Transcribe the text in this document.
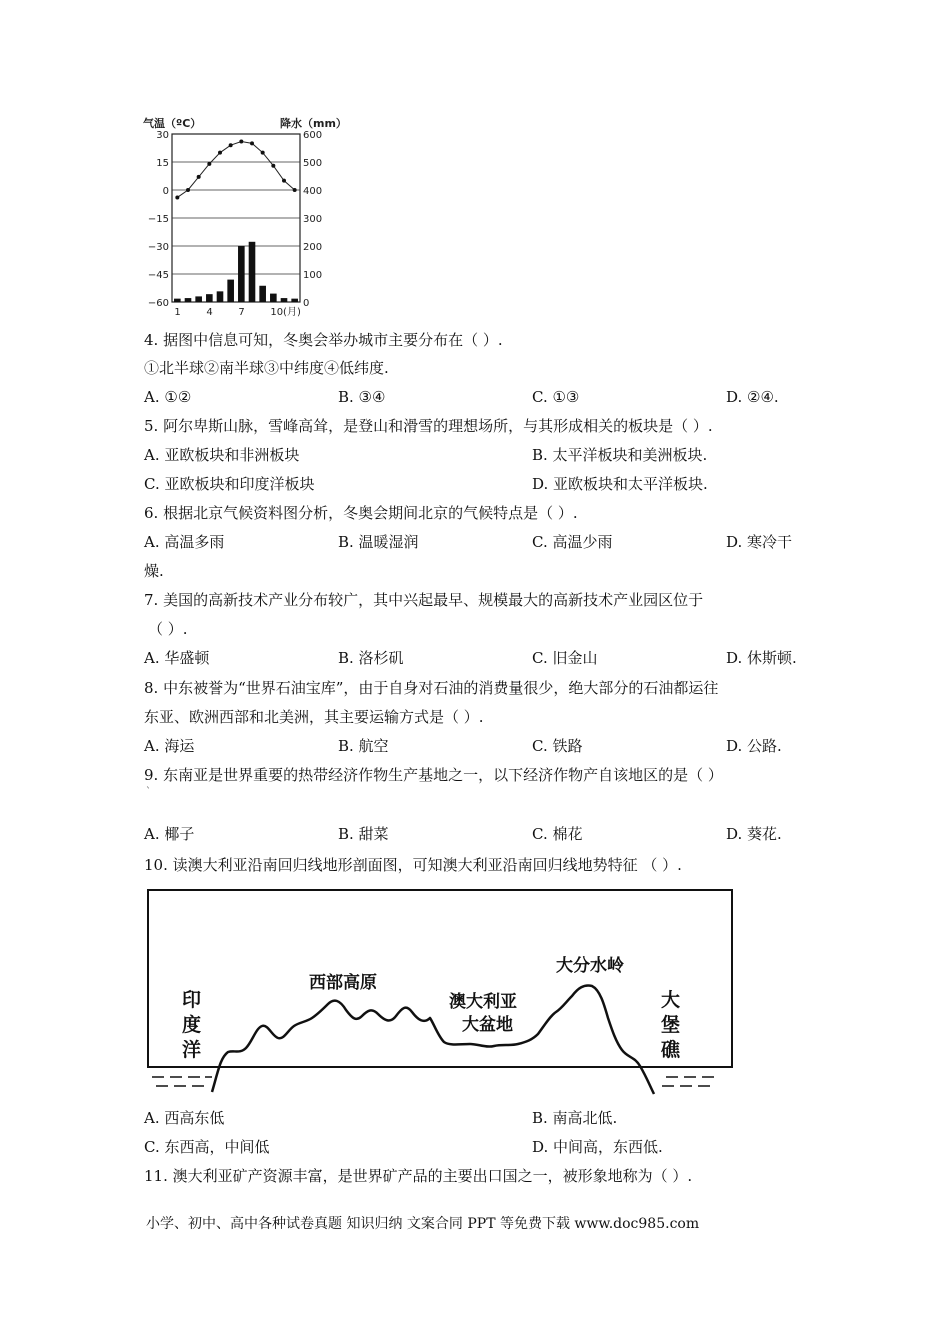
气温（ºC）	降水（mm）
30
15
0
−15
−30
−45
−60
600
500
400
300
200
100
0
1	4	7	10(月)
4. 据图中信息可知，冬奥会举办城市主要分布在（ ）.
①北半球②南半球③中纬度④低纬度.
A. ①②	B. ③④	C. ①③	D. ②④.
5. 阿尔卑斯山脉，雪峰高耸，是登山和滑雪的理想场所，与其形成相关的板块是（ ）.
A. 亚欧板块和非洲板块	B. 太平洋板块和美洲板块.
C. 亚欧板块和印度洋板块	D. 亚欧板块和太平洋板块.
6. 根据北京气候资料图分析，冬奥会期间北京的气候特点是（ ）.
A. 高温多雨	B. 温暖湿润	C. 高温少雨	D. 寒冷干
燥.
7. 美国的高新技术产业分布较广，其中兴起最早、规模最大的高新技术产业园区位于
（ ）.
A. 华盛顿	B. 洛杉矶	C. 旧金山	D. 休斯顿.
8. 中东被誉为“世界石油宝库”，由于自身对石油的消费量很少，绝大部分的石油都运往
东亚、欧洲西部和北美洲，其主要运输方式是（ ）.
A. 海运	B. 航空	C. 铁路	D. 公路.
9. 东南亚是世界重要的热带经济作物生产基地之一，以下经济作物产自该地区的是（ ）
`
A. 椰子	B. 甜菜	C. 棉花	D. 葵花.
10. 读澳大利亚沿南回归线地形剖面图，可知澳大利亚沿南回归线地势特征 （ ）.
印
度
洋
西部高原
澳大利亚
大盆地
大分水岭
大
堡
礁
A. 西高东低	B. 南高北低.
C. 东西高，中间低	D. 中间高，东西低.
11. 澳大利亚矿产资源丰富，是世界矿产品的主要出口国之一，被形象地称为（ ）.
小学、初中、高中各种试卷真题 知识归纳 文案合同 PPT 等免费下载 www.doc985.com
